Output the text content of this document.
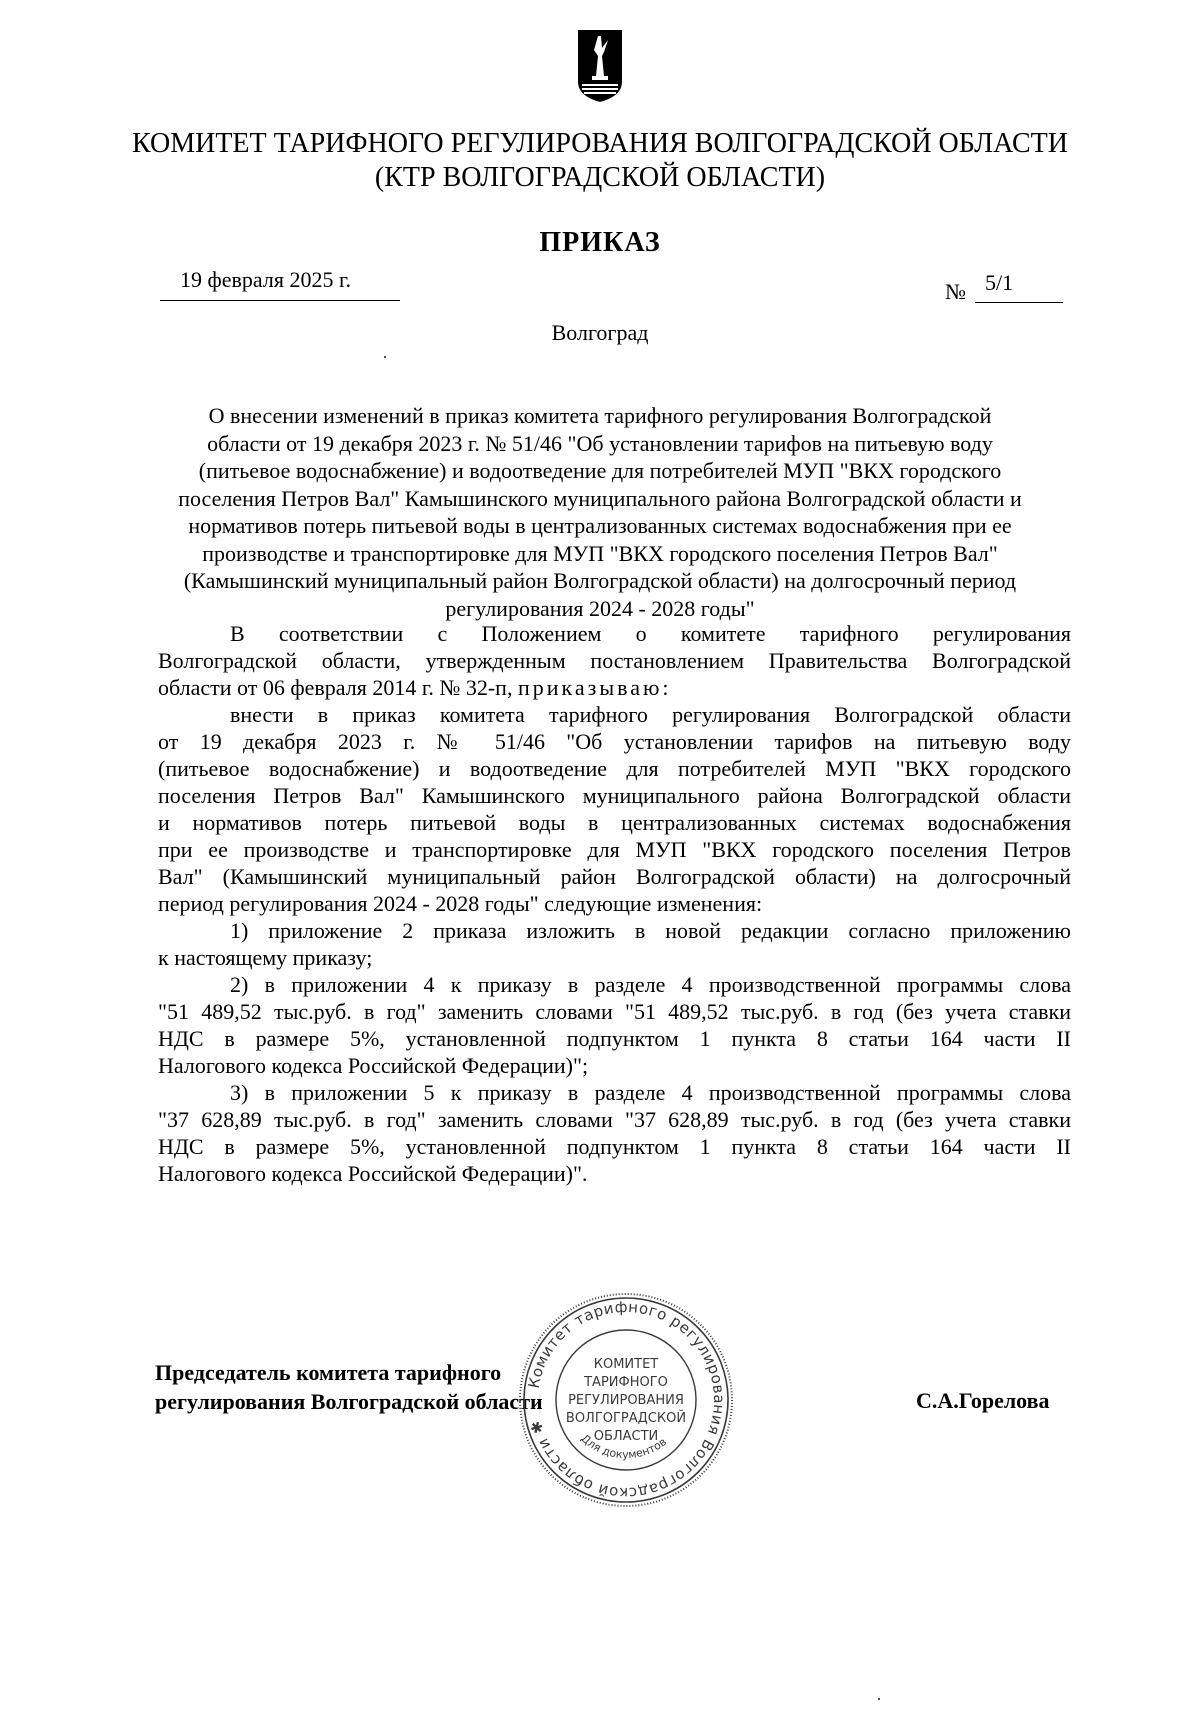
КОМИТЕТ ТАРИФНОГО РЕГУЛИРОВАНИЯ ВОЛГОГРАДСКОЙ ОБЛАСТИ
(КТР ВОЛГОГРАДСКОЙ ОБЛАСТИ)
ПРИКАЗ
19 февраля 2025 г.	№ 5/1
Волгоград

О внесении изменений в приказ комитета тарифного регулирования Волгоградской области от 19 декабря 2023 г. № 51/46 "Об установлении тарифов на питьевую воду (питьевое водоснабжение) и водоотведение для потребителей МУП "ВКХ городского поселения Петров Вал" Камышинского муниципального района Волгоградской области и нормативов потерь питьевой воды в централизованных системах водоснабжения при ее производстве и транспортировке для МУП "ВКХ городского поселения Петров Вал" (Камышинский муниципальный район Волгоградской области) на долгосрочный период регулирования 2024 - 2028 годы"

В соответствии с Положением о комитете тарифного регулирования
Волгоградской области, утвержденным постановлением Правительства Волгоградской
области от 06 февраля 2014 г. № 32-п, приказываю:
внести в приказ комитета тарифного регулирования Волгоградской области
от 19 декабря 2023 г. № 51/46 "Об установлении тарифов на питьевую воду
(питьевое водоснабжение) и водоотведение для потребителей МУП "ВКХ городского
поселения Петров Вал" Камышинского муниципального района Волгоградской области
и нормативов потерь питьевой воды в централизованных системах водоснабжения
при ее производстве и транспортировке для МУП "ВКХ городского поселения Петров
Вал" (Камышинский муниципальный район Волгоградской области) на долгосрочный
период регулирования 2024 - 2028 годы" следующие изменения:
1) приложение 2 приказа изложить в новой редакции согласно приложению
к настоящему приказу;
2) в приложении 4 к приказу в разделе 4 производственной программы слова
"51 489,52 тыс.руб. в год" заменить словами "51 489,52 тыс.руб. в год (без учета ставки
НДС в размере 5%, установленной подпунктом 1 пункта 8 статьи 164 части II
Налогового кодекса Российской Федерации)";
3) в приложении 5 к приказу в разделе 4 производственной программы слова
"37 628,89 тыс.руб. в год" заменить словами "37 628,89 тыс.руб. в год (без учета ставки
НДС в размере 5%, установленной подпунктом 1 пункта 8 статьи 164 части II
Налогового кодекса Российской Федерации)".
Председатель комитета тарифного
регулирования Волгоградской области	С.А.Горелова
Комитет тарифного регулирования Волгоградской области ✱
КОМИТЕТ
ТАРИФНОГО
РЕГУЛИРОВАНИЯ
ВОЛГОГРАДСКОЙ
ОБЛАСТИ
Для документов
